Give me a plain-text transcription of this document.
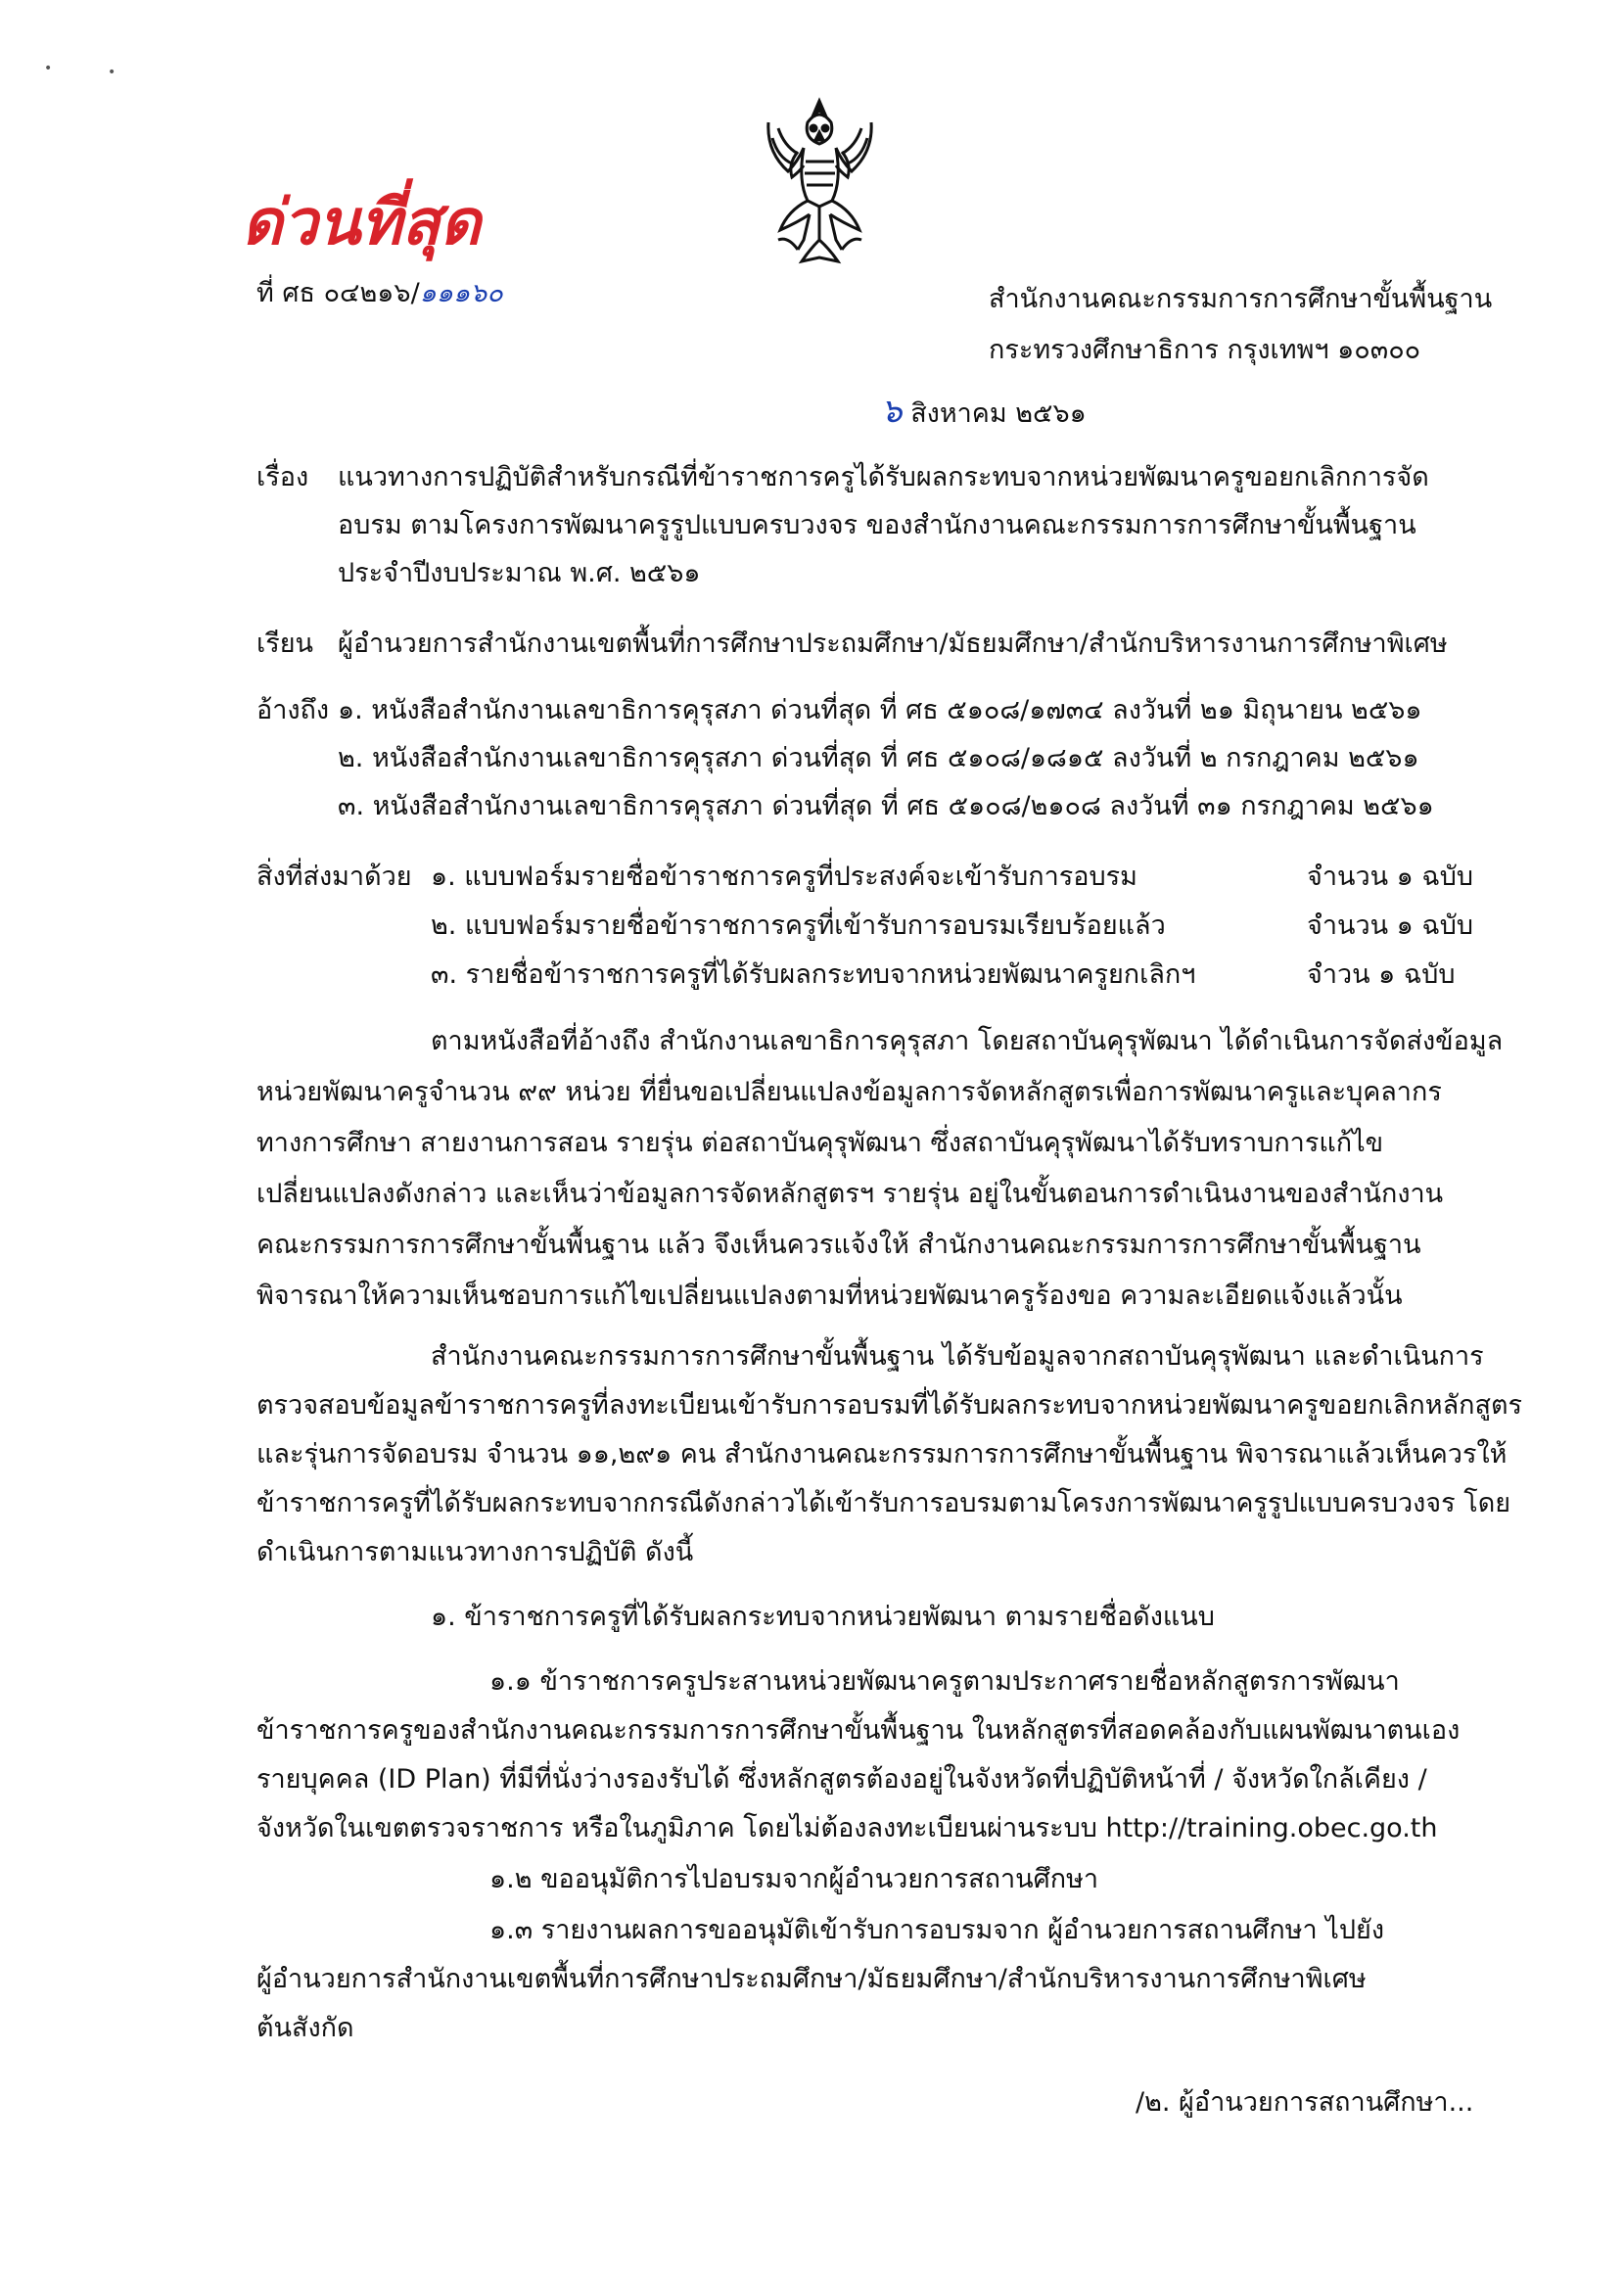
•	•
ด่วนที่สุด
ที่ ศธ ๐๔๒๑๖/๑๑๑๖๐	สำนักงานคณะกรรมการการศึกษาขั้นพื้นฐาน
กระทรวงศึกษาธิการ กรุงเทพฯ ๑๐๓๐๐
๖ สิงหาคม ๒๕๖๑
เรื่อง แนวทางการปฏิบัติสำหรับกรณีที่ข้าราชการครูได้รับผลกระทบจากหน่วยพัฒนาครูขอยกเลิกการจัด
อบรม ตามโครงการพัฒนาครูรูปแบบครบวงจร ของสำนักงานคณะกรรมการการศึกษาขั้นพื้นฐาน
ประจำปีงบประมาณ พ.ศ. ๒๕๖๑
เรียน ผู้อำนวยการสำนักงานเขตพื้นที่การศึกษาประถมศึกษา/มัธยมศึกษา/สำนักบริหารงานการศึกษาพิเศษ
อ้างถึง ๑. หนังสือสำนักงานเลขาธิการคุรุสภา ด่วนที่สุด ที่ ศธ ๕๑๐๘/๑๗๓๔ ลงวันที่ ๒๑ มิถุนายน ๒๕๖๑
๒. หนังสือสำนักงานเลขาธิการคุรุสภา ด่วนที่สุด ที่ ศธ ๕๑๐๘/๑๘๑๕ ลงวันที่ ๒ กรกฎาคม ๒๕๖๑
๓. หนังสือสำนักงานเลขาธิการคุรุสภา ด่วนที่สุด ที่ ศธ ๕๑๐๘/๒๑๐๘ ลงวันที่ ๓๑ กรกฎาคม ๒๕๖๑
สิ่งที่ส่งมาด้วย ๑. แบบฟอร์มรายชื่อข้าราชการครูที่ประสงค์จะเข้ารับการอบรม	จำนวน ๑ ฉบับ
๒. แบบฟอร์มรายชื่อข้าราชการครูที่เข้ารับการอบรมเรียบร้อยแล้ว	จำนวน ๑ ฉบับ
๓. รายชื่อข้าราชการครูที่ได้รับผลกระทบจากหน่วยพัฒนาครูยกเลิกฯ	จำวน ๑ ฉบับ
ตามหนังสือที่อ้างถึง สำนักงานเลขาธิการคุรุสภา โดยสถาบันคุรุพัฒนา ได้ดำเนินการจัดส่งข้อมูล
หน่วยพัฒนาครูจำนวน ๙๙ หน่วย ที่ยื่นขอเปลี่ยนแปลงข้อมูลการจัดหลักสูตรเพื่อการพัฒนาครูและบุคลากร
ทางการศึกษา สายงานการสอน รายรุ่น ต่อสถาบันคุรุพัฒนา ซึ่งสถาบันคุรุพัฒนาได้รับทราบการแก้ไข
เปลี่ยนแปลงดังกล่าว และเห็นว่าข้อมูลการจัดหลักสูตรฯ รายรุ่น อยู่ในขั้นตอนการดำเนินงานของสำนักงาน
คณะกรรมการการศึกษาขั้นพื้นฐาน แล้ว จึงเห็นควรแจ้งให้ สำนักงานคณะกรรมการการศึกษาขั้นพื้นฐาน
พิจารณาให้ความเห็นชอบการแก้ไขเปลี่ยนแปลงตามที่หน่วยพัฒนาครูร้องขอ ความละเอียดแจ้งแล้วนั้น
สำนักงานคณะกรรมการการศึกษาขั้นพื้นฐาน ได้รับข้อมูลจากสถาบันคุรุพัฒนา และดำเนินการ
ตรวจสอบข้อมูลข้าราชการครูที่ลงทะเบียนเข้ารับการอบรมที่ได้รับผลกระทบจากหน่วยพัฒนาครูขอยกเลิกหลักสูตร
และรุ่นการจัดอบรม จำนวน ๑๑,๒๙๑ คน สำนักงานคณะกรรมการการศึกษาขั้นพื้นฐาน พิจารณาแล้วเห็นควรให้
ข้าราชการครูที่ได้รับผลกระทบจากกรณีดังกล่าวได้เข้ารับการอบรมตามโครงการพัฒนาครูรูปแบบครบวงจร โดย
ดำเนินการตามแนวทางการปฏิบัติ ดังนี้
๑. ข้าราชการครูที่ได้รับผลกระทบจากหน่วยพัฒนา ตามรายชื่อดังแนบ
๑.๑ ข้าราชการครูประสานหน่วยพัฒนาครูตามประกาศรายชื่อหลักสูตรการพัฒนา
ข้าราชการครูของสำนักงานคณะกรรมการการศึกษาขั้นพื้นฐาน ในหลักสูตรที่สอดคล้องกับแผนพัฒนาตนเอง
รายบุคคล (ID Plan) ที่มีที่นั่งว่างรองรับได้ ซึ่งหลักสูตรต้องอยู่ในจังหวัดที่ปฏิบัติหน้าที่ / จังหวัดใกล้เคียง /
จังหวัดในเขตตรวจราชการ หรือในภูมิภาค โดยไม่ต้องลงทะเบียนผ่านระบบ http://training.obec.go.th
๑.๒ ขออนุมัติการไปอบรมจากผู้อำนวยการสถานศึกษา
๑.๓ รายงานผลการขออนุมัติเข้ารับการอบรมจาก ผู้อำนวยการสถานศึกษา ไปยัง
ผู้อำนวยการสำนักงานเขตพื้นที่การศึกษาประถมศึกษา/มัธยมศึกษา/สำนักบริหารงานการศึกษาพิเศษ
ต้นสังกัด
/๒. ผู้อำนวยการสถานศึกษา...
